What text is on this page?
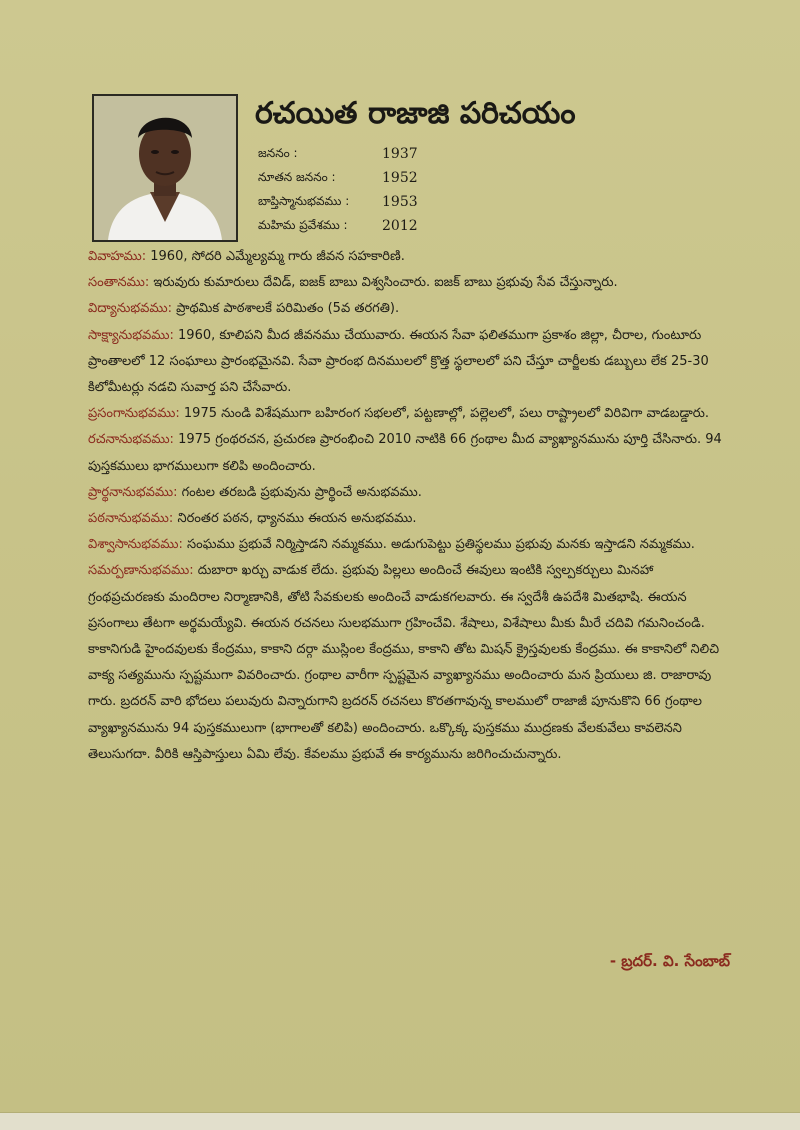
రచయిత రాజాజి పరిచయం
జననం :	1937
నూతన జననం :	1952
బాప్తిస్మానుభవము :	1953
మహిమ ప్రవేశము :	2012

వివాహము: 1960, సోదరి ఎమ్మేల్యమ్మ గారు జీవన సహకారిణి.

సంతానము: ఇరువురు కుమారులు దేవిడ్, ఐజక్ బాబు విశ్వసించారు. ఐజక్ బాబు ప్రభువు సేవ చేస్తున్నారు.

విద్యానుభవము: ప్రాథమిక పాఠశాలకే పరిమితం (5వ తరగతి).

సాక్ష్యానుభవము: 1960, కూలిపని మీద జీవనము చేయువారు. ఈయన సేవా ఫలితముగా ప్రకాశం జిల్లా, చీరాల, గుంటూరు ప్రాంతాలలో 12 సంఘాలు ప్రారంభమైనవి. సేవా ప్రారంభ దినములలో క్రొత్త స్థలాలలో పని చేస్తూ చార్జీలకు డబ్బులు లేక 25-30 కిలోమీటర్లు నడచి సువార్త పని చేసేవారు.

ప్రసంగానుభవము: 1975 నుండి విశేషముగా బహిరంగ సభలలో, పట్టణాల్లో, పల్లెలలో, పలు రాష్ట్రాలలో విరివిగా వాడబడ్డారు.

రచనానుభవము: 1975 గ్రంథరచన, ప్రచురణ ప్రారంభించి 2010 నాటికి 66 గ్రంథాల మీద వ్యాఖ్యానమును పూర్తి చేసినారు. 94 పుస్తకములు భాగములుగా కలిపి అందించారు.

ప్రార్థనానుభవము: గంటల తరబడి ప్రభువును ప్రార్థించే అనుభవము.

పఠనానుభవము: నిరంతర పఠన, ధ్యానము ఈయన అనుభవము.

విశ్వాసానుభవము: సంఘము ప్రభువే నిర్మిస్తాడని నమ్మకము. అడుగుపెట్టు ప్రతిస్థలము ప్రభువు మనకు ఇస్తాడని నమ్మకము.

సమర్పణానుభవము: దుబారా ఖర్చు వాడుక లేదు. ప్రభువు పిల్లలు అందించే ఈవులు ఇంటికి స్వల్పకర్చులు మినహా గ్రంథప్రచురణకు మందిరాల నిర్మాణానికి, తోటి సేవకులకు అందించే వాడుకగలవారు. ఈ స్వదేశీ ఉపదేశి మితభాషి. ఈయన ప్రసంగాలు తేటగా అర్థమయ్యేవి. ఈయన రచనలు సులభముగా గ్రహించేవి. శేషాలు, విశేషాలు మీకు మీరే చదివి గమనించండి. కాకానిగుడి హైందవులకు కేంద్రము, కాకాని దర్గా ముస్లింల కేంద్రము, కాకాని తోట మిషన్ క్రైస్తవులకు కేంద్రము. ఈ కాకానిలో నిలిచి వాక్య సత్యమును స్పష్టముగా వివరించారు. గ్రంథాల వారీగా స్పష్టమైన వ్యాఖ్యానము అందించారు మన ప్రియులు జి. రాజారావు గారు. బ్రదరన్ వారి భోదలు పలువురు విన్నారుగాని బ్రదరన్ రచనలు కొరతగావున్న కాలములో రాజాజీ పూనుకొని 66 గ్రంథాల వ్యాఖ్యానమును 94 పుస్తకములుగా (భాగాలతో కలిపి) అందించారు. ఒక్కొక్క పుస్తకము ముద్రణకు వేలకువేలు కావలెనని తెలుసుగదా. వీరికి ఆస్తిపాస్తులు ఏమి లేవు. కేవలము ప్రభువే ఈ కార్యమును జరిగించుచున్నారు.

- బ్రదర్. వి. సేంబాబ్
